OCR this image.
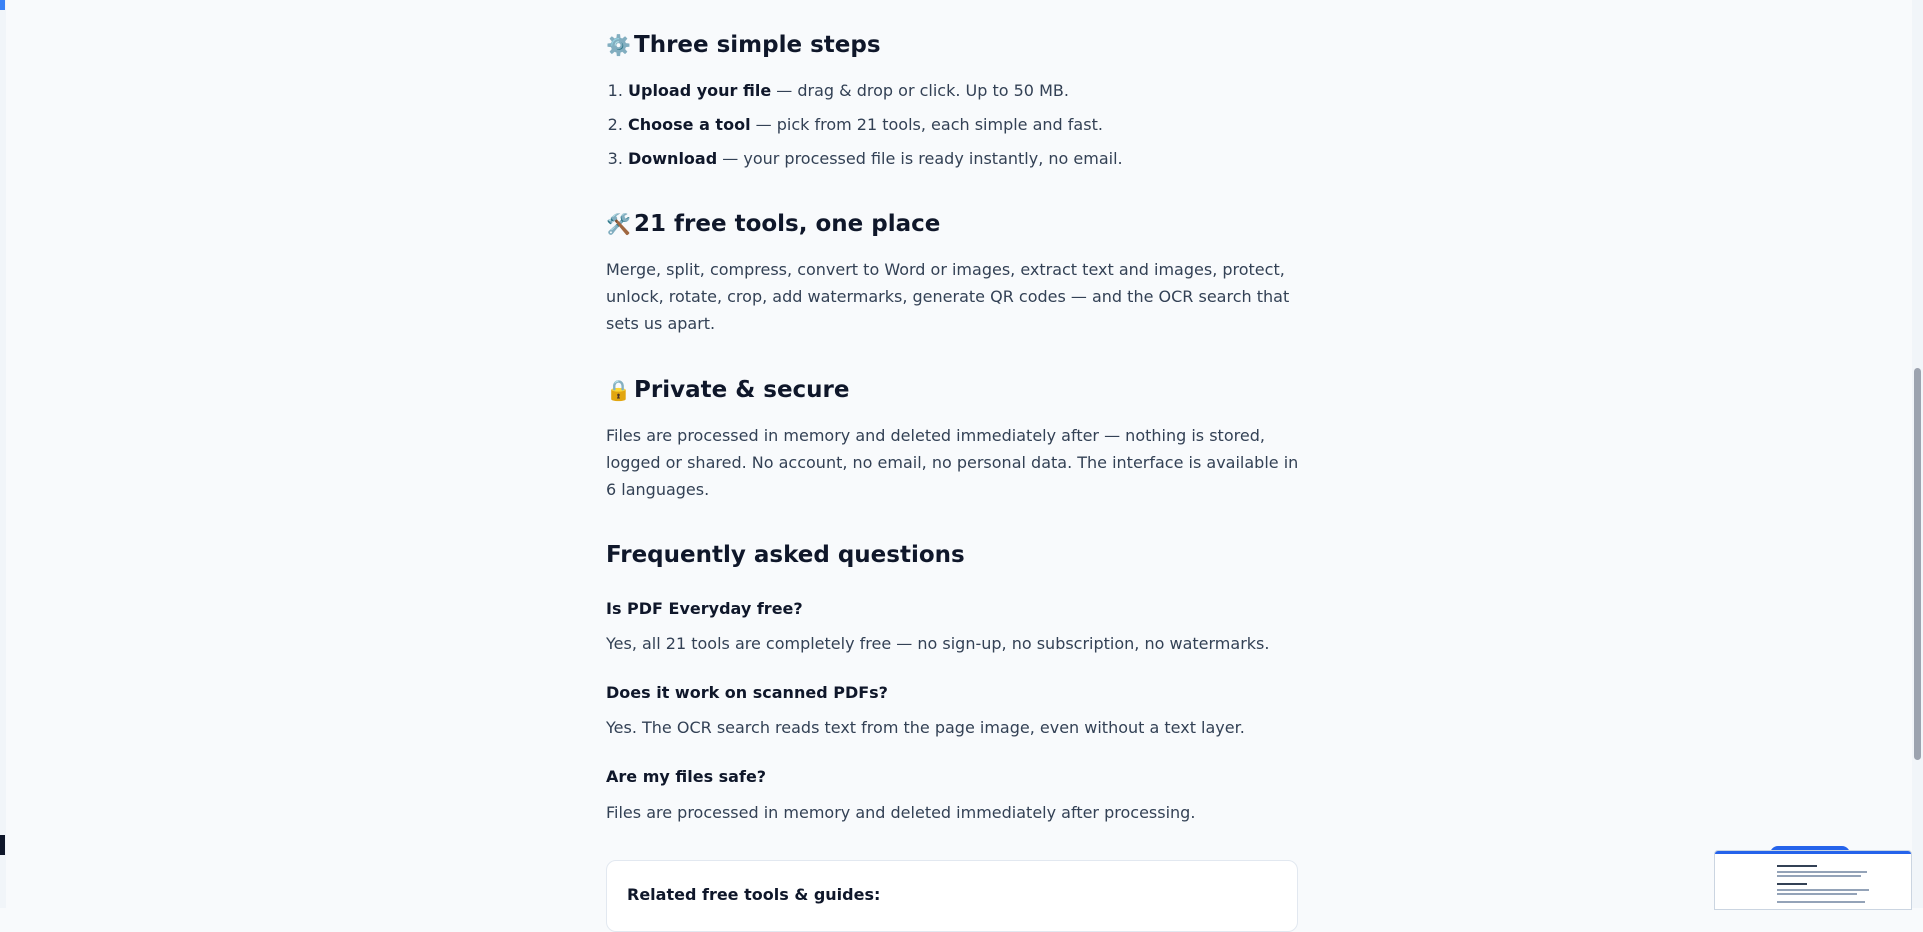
⚙️ Three simple steps
1. Upload your file — drag & drop or click. Up to 50 MB.
2. Choose a tool — pick from 21 tools, each simple and fast.
3. Download — your processed file is ready instantly, no email.
🛠️ 21 free tools, one place

Merge, split, compress, convert to Word or images, extract text and images, protect, unlock, rotate, crop, add watermarks, generate QR codes — and the OCR search that sets us apart.

🔒 Private & secure

Files are processed in memory and deleted immediately after — nothing is stored, logged or shared. No account, no email, no personal data. The interface is available in 6 languages.

Frequently asked questions
Is PDF Everyday free?
Yes, all 21 tools are completely free — no sign-up, no subscription, no watermarks.
Does it work on scanned PDFs?
Yes. The OCR search reads text from the page image, even without a text layer.
Are my files safe?
Files are processed in memory and deleted immediately after processing.
Related free tools & guides:
